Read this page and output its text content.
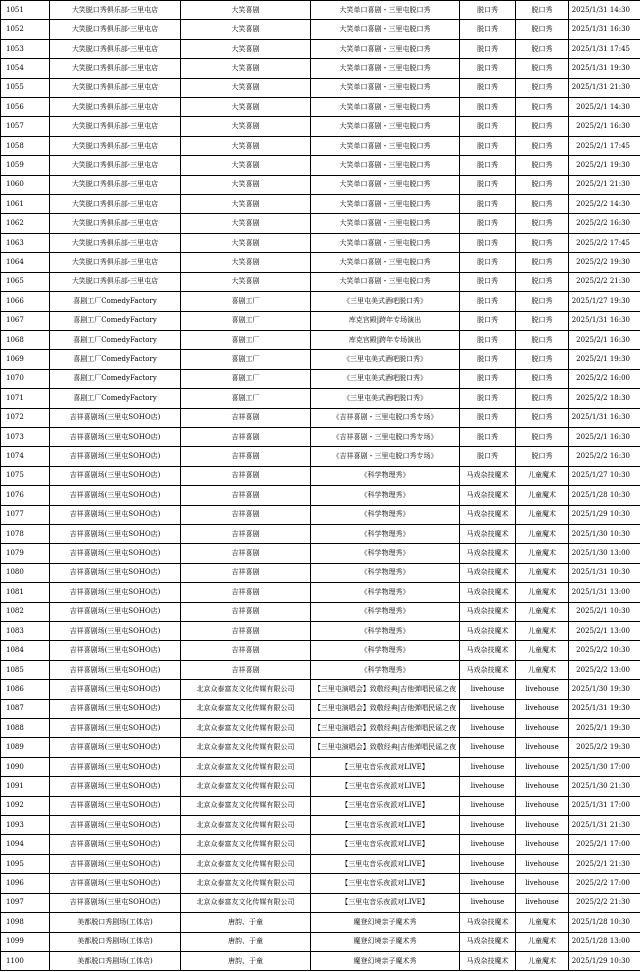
1051	大笑脱口秀俱乐部-三里屯店	大笑喜剧	大笑单口喜剧・三里屯脱口秀	脱口秀	脱口秀	2025/1/31 14:30
1052	大笑脱口秀俱乐部-三里屯店	大笑喜剧	大笑单口喜剧・三里屯脱口秀	脱口秀	脱口秀	2025/1/31 16:30
1053	大笑脱口秀俱乐部-三里屯店	大笑喜剧	大笑单口喜剧・三里屯脱口秀	脱口秀	脱口秀	2025/1/31 17:45
1054	大笑脱口秀俱乐部-三里屯店	大笑喜剧	大笑单口喜剧・三里屯脱口秀	脱口秀	脱口秀	2025/1/31 19:30
1055	大笑脱口秀俱乐部-三里屯店	大笑喜剧	大笑单口喜剧・三里屯脱口秀	脱口秀	脱口秀	2025/1/31 21:30
1056	大笑脱口秀俱乐部-三里屯店	大笑喜剧	大笑单口喜剧・三里屯脱口秀	脱口秀	脱口秀	2025/2/1 14:30
1057	大笑脱口秀俱乐部-三里屯店	大笑喜剧	大笑单口喜剧・三里屯脱口秀	脱口秀	脱口秀	2025/2/1 16:30
1058	大笑脱口秀俱乐部-三里屯店	大笑喜剧	大笑单口喜剧・三里屯脱口秀	脱口秀	脱口秀	2025/2/1 17:45
1059	大笑脱口秀俱乐部-三里屯店	大笑喜剧	大笑单口喜剧・三里屯脱口秀	脱口秀	脱口秀	2025/2/1 19:30
1060	大笑脱口秀俱乐部-三里屯店	大笑喜剧	大笑单口喜剧・三里屯脱口秀	脱口秀	脱口秀	2025/2/1 21:30
1061	大笑脱口秀俱乐部-三里屯店	大笑喜剧	大笑单口喜剧・三里屯脱口秀	脱口秀	脱口秀	2025/2/2 14:30
1062	大笑脱口秀俱乐部-三里屯店	大笑喜剧	大笑单口喜剧・三里屯脱口秀	脱口秀	脱口秀	2025/2/2 16:30
1063	大笑脱口秀俱乐部-三里屯店	大笑喜剧	大笑单口喜剧・三里屯脱口秀	脱口秀	脱口秀	2025/2/2 17:45
1064	大笑脱口秀俱乐部-三里屯店	大笑喜剧	大笑单口喜剧・三里屯脱口秀	脱口秀	脱口秀	2025/2/2 19:30
1065	大笑脱口秀俱乐部-三里屯店	大笑喜剧	大笑单口喜剧・三里屯脱口秀	脱口秀	脱口秀	2025/2/2 21:30
1066	喜剧工厂ComedyFactory	喜剧工厂	《三里屯美式酒吧脱口秀》	脱口秀	脱口秀	2025/1/27 19:30
1067	喜剧工厂ComedyFactory	喜剧工厂	库克宫殿|跨年专场演出	脱口秀	脱口秀	2025/1/31 16:30
1068	喜剧工厂ComedyFactory	喜剧工厂	库克宫殿|跨年专场演出	脱口秀	脱口秀	2025/2/1 16:30
1069	喜剧工厂ComedyFactory	喜剧工厂	《三里屯美式酒吧脱口秀》	脱口秀	脱口秀	2025/2/1 19:30
1070	喜剧工厂ComedyFactory	喜剧工厂	《三里屯美式酒吧脱口秀》	脱口秀	脱口秀	2025/2/2 16:00
1071	喜剧工厂ComedyFactory	喜剧工厂	《三里屯美式酒吧脱口秀》	脱口秀	脱口秀	2025/2/2 18:30
1072	吉祥喜剧场(三里屯SOHO店)	吉祥喜剧	《吉祥喜剧・三里屯脱口秀专场》	脱口秀	脱口秀	2025/1/31 16:30
1073	吉祥喜剧场(三里屯SOHO店)	吉祥喜剧	《吉祥喜剧・三里屯脱口秀专场》	脱口秀	脱口秀	2025/2/1 16:30
1074	吉祥喜剧场(三里屯SOHO店)	吉祥喜剧	《吉祥喜剧・三里屯脱口秀专场》	脱口秀	脱口秀	2025/2/2 16:30
1075	吉祥喜剧场(三里屯SOHO店)	吉祥喜剧	《科学物理秀》	马戏杂技魔术	儿童魔术	2025/1/27 10:30
1076	吉祥喜剧场(三里屯SOHO店)	吉祥喜剧	《科学物理秀》	马戏杂技魔术	儿童魔术	2025/1/28 10:30
1077	吉祥喜剧场(三里屯SOHO店)	吉祥喜剧	《科学物理秀》	马戏杂技魔术	儿童魔术	2025/1/29 10:30
1078	吉祥喜剧场(三里屯SOHO店)	吉祥喜剧	《科学物理秀》	马戏杂技魔术	儿童魔术	2025/1/30 10:30
1079	吉祥喜剧场(三里屯SOHO店)	吉祥喜剧	《科学物理秀》	马戏杂技魔术	儿童魔术	2025/1/30 13:00
1080	吉祥喜剧场(三里屯SOHO店)	吉祥喜剧	《科学物理秀》	马戏杂技魔术	儿童魔术	2025/1/31 10:30
1081	吉祥喜剧场(三里屯SOHO店)	吉祥喜剧	《科学物理秀》	马戏杂技魔术	儿童魔术	2025/1/31 13:00
1082	吉祥喜剧场(三里屯SOHO店)	吉祥喜剧	《科学物理秀》	马戏杂技魔术	儿童魔术	2025/2/1 10:30
1083	吉祥喜剧场(三里屯SOHO店)	吉祥喜剧	《科学物理秀》	马戏杂技魔术	儿童魔术	2025/2/1 13:00
1084	吉祥喜剧场(三里屯SOHO店)	吉祥喜剧	《科学物理秀》	马戏杂技魔术	儿童魔术	2025/2/2 10:30
1085	吉祥喜剧场(三里屯SOHO店)	吉祥喜剧	《科学物理秀》	马戏杂技魔术	儿童魔术	2025/2/2 13:00
1086	吉祥喜剧场(三里屯SOHO店)	北京众泰富友文化传媒有限公司	【三里屯演唱会】致敬经典|吉他弹唱民谣之夜	livehouse	livehouse	2025/1/30 19:30
1087	吉祥喜剧场(三里屯SOHO店)	北京众泰富友文化传媒有限公司	【三里屯演唱会】致敬经典|吉他弹唱民谣之夜	livehouse	livehouse	2025/1/31 19:30
1088	吉祥喜剧场(三里屯SOHO店)	北京众泰富友文化传媒有限公司	【三里屯演唱会】致敬经典|吉他弹唱民谣之夜	livehouse	livehouse	2025/2/1 19:30
1089	吉祥喜剧场(三里屯SOHO店)	北京众泰富友文化传媒有限公司	【三里屯演唱会】致敬经典|吉他弹唱民谣之夜	livehouse	livehouse	2025/2/2 19:30
1090	吉祥喜剧场(三里屯SOHO店)	北京众泰富友文化传媒有限公司	【三里屯音乐夜派对LIVE】	livehouse	livehouse	2025/1/30 17:00
1091	吉祥喜剧场(三里屯SOHO店)	北京众泰富友文化传媒有限公司	【三里屯音乐夜派对LIVE】	livehouse	livehouse	2025/1/30 21:30
1092	吉祥喜剧场(三里屯SOHO店)	北京众泰富友文化传媒有限公司	【三里屯音乐夜派对LIVE】	livehouse	livehouse	2025/1/31 17:00
1093	吉祥喜剧场(三里屯SOHO店)	北京众泰富友文化传媒有限公司	【三里屯音乐夜派对LIVE】	livehouse	livehouse	2025/1/31 21:30
1094	吉祥喜剧场(三里屯SOHO店)	北京众泰富友文化传媒有限公司	【三里屯音乐夜派对LIVE】	livehouse	livehouse	2025/2/1 17:00
1095	吉祥喜剧场(三里屯SOHO店)	北京众泰富友文化传媒有限公司	【三里屯音乐夜派对LIVE】	livehouse	livehouse	2025/2/1 21:30
1096	吉祥喜剧场(三里屯SOHO店)	北京众泰富友文化传媒有限公司	【三里屯音乐夜派对LIVE】	livehouse	livehouse	2025/2/2 17:00
1097	吉祥喜剧场(三里屯SOHO店)	北京众泰富友文化传媒有限公司	【三里屯音乐夜派对LIVE】	livehouse	livehouse	2025/2/2 21:30
1098	美都脱口秀剧场(工体店)	唐韵、于童	魔登幻境亲子魔术秀	马戏杂技魔术	儿童魔术	2025/1/28 10:30
1099	美都脱口秀剧场(工体店)	唐韵、于童	魔登幻境亲子魔术秀	马戏杂技魔术	儿童魔术	2025/1/28 13:00
1100	美都脱口秀剧场(工体店)	唐韵、于童	魔登幻境亲子魔术秀	马戏杂技魔术	儿童魔术	2025/1/29 10:30
